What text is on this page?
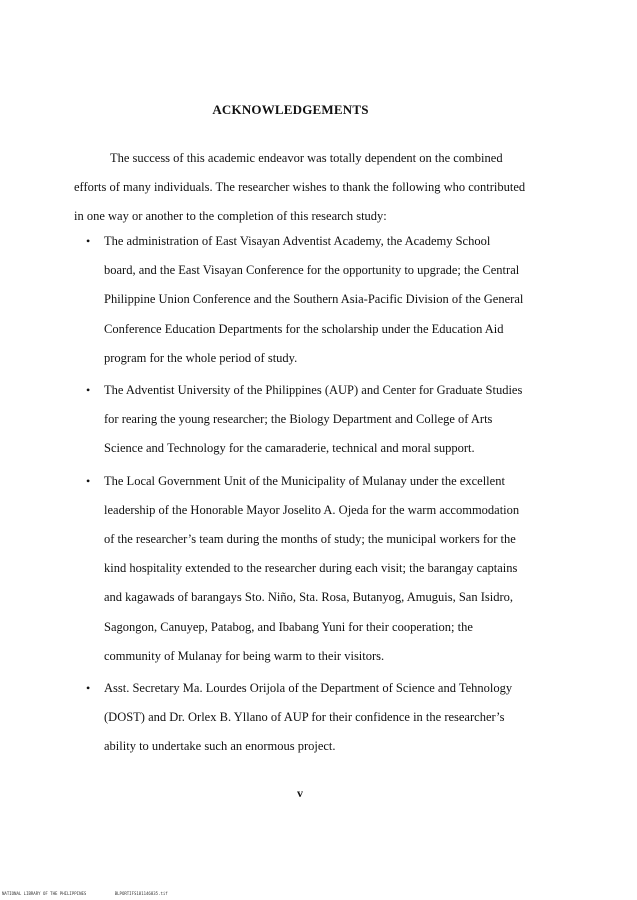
ACKNOWLEDGEMENTS

The success of this academic endeavor was totally dependent on the combined efforts of many individuals. The researcher wishes to thank the following who contributed in one way or another to the completion of this research study:

• The administration of East Visayan Adventist Academy, the Academy School board, and the East Visayan Conference for the opportunity to upgrade; the Central Philippine Union Conference and the Southern Asia-Pacific Division of the General Conference Education Departments for the scholarship under the Education Aid program for the whole period of study.
• The Adventist University of the Philippines (AUP) and Center for Graduate Studies for rearing the young researcher; the Biology Department and College of Arts Science and Technology for the camaraderie, technical and moral support.
• The Local Government Unit of the Municipality of Mulanay under the excellent leadership of the Honorable Mayor Joselito A. Ojeda for the warm accommodation of the researcher’s team during the months of study; the municipal workers for the kind hospitality extended to the researcher during each visit; the barangay captains and kagawads of barangays Sto. Niño, Sta. Rosa, Butanyog, Amuguis, San Isidro, Sagongon, Canuyep, Patabog, and Ibabang Yuni for their cooperation; the community of Mulanay for being warm to their visitors.
• Asst. Secretary Ma. Lourdes Orijola of the Department of Science and Tehnology (DOST) and Dr. Orlex B. Yllano of AUP for their confidence in the researcher’s ability to undertake such an enormous project.
v
NATIONAL LIBRARY OF THE PHILIPPINES	BLPORTIFS181146835.tif
